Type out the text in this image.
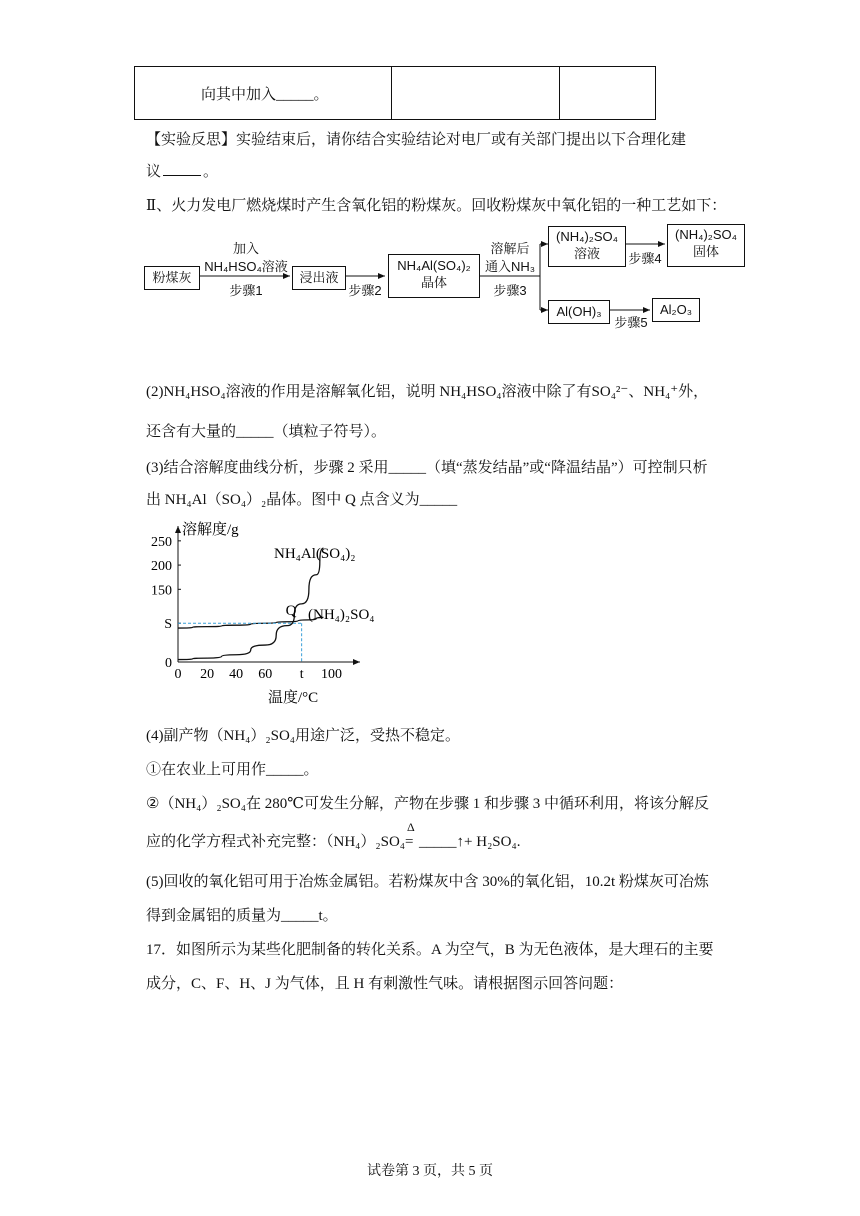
向其中加入_____。
【实验反思】实验结束后，请你结合实验结论对电厂或有关部门提出以下合理化建
议	。
Ⅱ、火力发电厂燃烧煤时产生含氧化铝的粉煤灰。回收粉煤灰中氧化铝的一种工艺如下：
粉煤灰
加入
NH₄HSO₄溶液
步骤1
浸出液
步骤2
NH₄Al(SO₄)₂
晶体
溶解后
通入NH₃
步骤3
(NH₄)₂SO₄
溶液	步骤4
(NH₄)₂SO₄
固体
Al(OH)₃
步骤5
Al₂O₃
(2)NH₄HSO₄溶液的作用是溶解氧化铝，说明 NH₄HSO₄溶液中除了有SO₄²⁻、NH₄⁺外，
还含有大量的_____（填粒子符号）。
(3)结合溶解度曲线分析，步骤 2 采用_____（填“蒸发结晶”或“降温结晶”）可控制只析
出 NH₄Al（SO₄）₂晶体。图中 Q 点含义为_____
溶解度/g
温度/°C
250
200
150
S
0
0 20 40 60 t 100
NH₄Al(SO₄)₂
(NH₄)₂SO₄
Q
(4)副产物（NH₄）₂SO₄用途广泛，受热不稳定。
①在农业上可用作_____。
②（NH₄）₂SO₄在 280℃可发生分解，产物在步骤 1 和步骤 3 中循环利用，将该分解反
应的化学方程式补充完整：（NH₄）₂SO₄
Δ
= _____↑+ H₂SO₄.
(5)回收的氧化铝可用于冶炼金属铝。若粉煤灰中含 30%的氧化铝，10.2t 粉煤灰可冶炼
得到金属铝的质量为_____t。
17．如图所示为某些化肥制备的转化关系。A 为空气，B 为无色液体，是大理石的主要
成分，C、F、H、J 为气体，且 H 有刺激性气味。请根据图示回答问题：
试卷第 3 页，共 5 页
